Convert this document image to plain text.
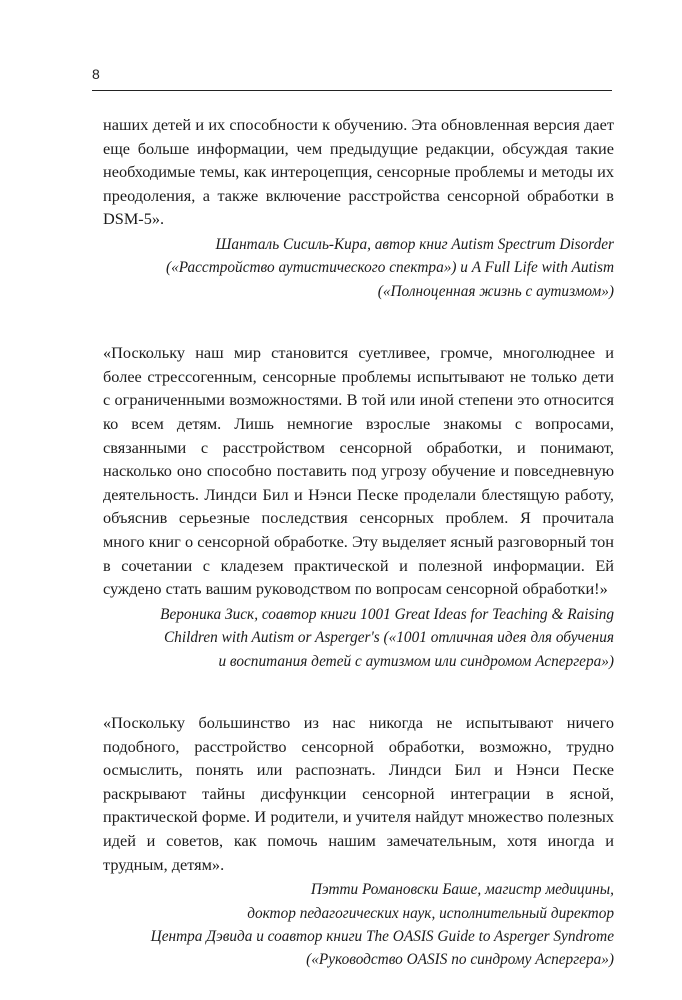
8

наших детей и их способности к обучению. Эта обновленная версия дает еще больше информации, чем предыдущие редакции, обсуждая такие необходимые темы, как интероцепция, сенсорные проблемы и методы их преодоления, а также включение расстройства сенсорной обработки в DSM-5».

Шанталь Сисиль-Кира, автор книг Autism Spectrum Disorder
(«Расстройство аутистического спектра») и A Full Life with Autism
(«Полноценная жизнь с аутизмом»)

«Поскольку наш мир становится суетливее, громче, многолюднее и более стрессогенным, сенсорные проблемы испытывают не только дети с ограниченными возможностями. В той или иной степени это относится ко всем детям. Лишь немногие взрослые знакомы с вопросами, связанными с расстройством сенсорной обработки, и понимают, насколько оно способно поставить под угрозу обучение и повседневную деятельность. Линдси Бил и Нэнси Песке проделали блестящую работу, объяснив серьезные последствия сенсорных проблем. Я прочитала много книг о сенсорной обработке. Эту выделяет ясный разговорный тон в сочетании с кладезем практической и полезной информации. Ей суждено стать вашим руководством по вопросам сенсорной обработки!»

Вероника Зиск, соавтор книги 1001 Great Ideas for Teaching & Raising
Children with Autism or Asperger's («1001 отличная идея для обучения
и воспитания детей с аутизмом или синдромом Аспергера»)

«Поскольку большинство из нас никогда не испытывают ничего подобного, расстройство сенсорной обработки, возможно, трудно осмыслить, понять или распознать. Линдси Бил и Нэнси Песке раскрывают тайны дисфункции сенсорной интеграции в ясной, практической форме. И родители, и учителя найдут множество полезных идей и советов, как помочь нашим замечательным, хотя иногда и трудным, детям».

Пэтти Романовски Баше, магистр медицины,
доктор педагогических наук, исполнительный директор
Центра Дэвида и соавтор книги The OASIS Guide to Asperger Syndrome
(«Руководство OASIS по синдрому Аспергера»)
